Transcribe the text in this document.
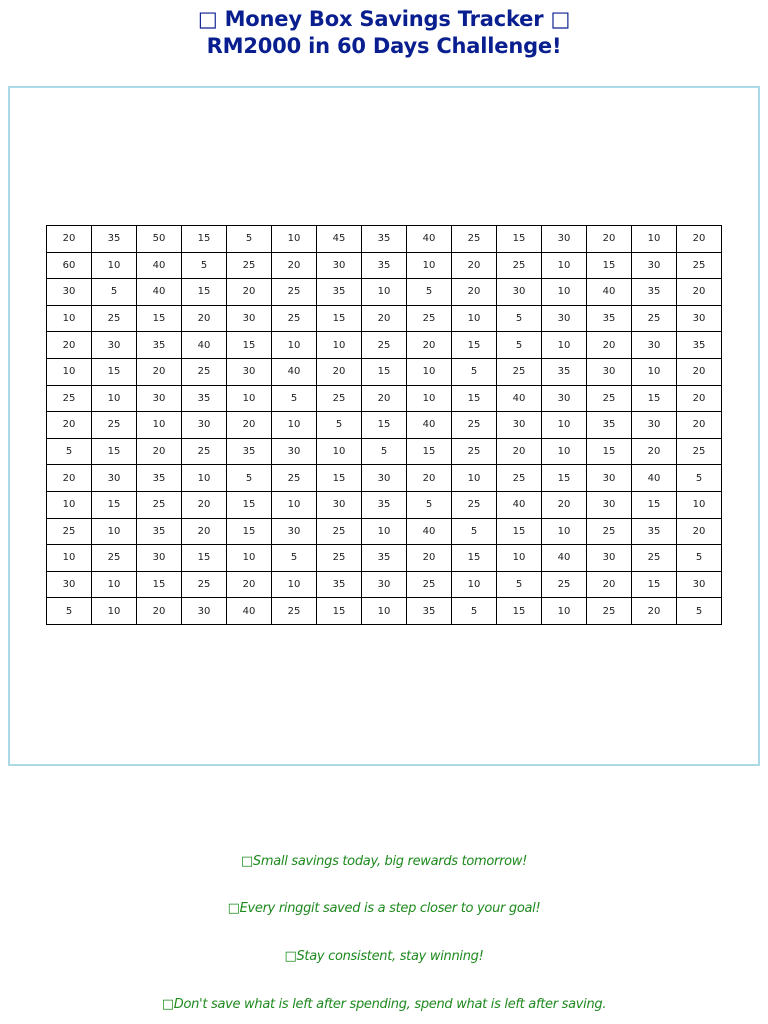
□ Money Box Savings Tracker □
RM2000 in 60 Days Challenge!
20	35	50	15	5	10	45	35	40	25	15	30	20	10	20
60	10	40	5	25	20	30	35	10	20	25	10	15	30	25
30	5	40	15	20	25	35	10	5	20	30	10	40	35	20
10	25	15	20	30	25	15	20	25	10	5	30	35	25	30
20	30	35	40	15	10	10	25	20	15	5	10	20	30	35
10	15	20	25	30	40	20	15	10	5	25	35	30	10	20
25	10	30	35	10	5	25	20	10	15	40	30	25	15	20
20	25	10	30	20	10	5	15	40	25	30	10	35	30	20
5	15	20	25	35	30	10	5	15	25	20	10	15	20	25
20	30	35	10	5	25	15	30	20	10	25	15	30	40	5
10	15	25	20	15	10	30	35	5	25	40	20	30	15	10
25	10	35	20	15	30	25	10	40	5	15	10	25	35	20
10	25	30	15	10	5	25	35	20	15	10	40	30	25	5
30	10	15	25	20	10	35	30	25	10	5	25	20	15	30
5	10	20	30	40	25	15	10	35	5	15	10	25	20	5
□Small savings today, big rewards tomorrow!
□Every ringgit saved is a step closer to your goal!
□Stay consistent, stay winning!
□Don't save what is left after spending, spend what is left after saving.
